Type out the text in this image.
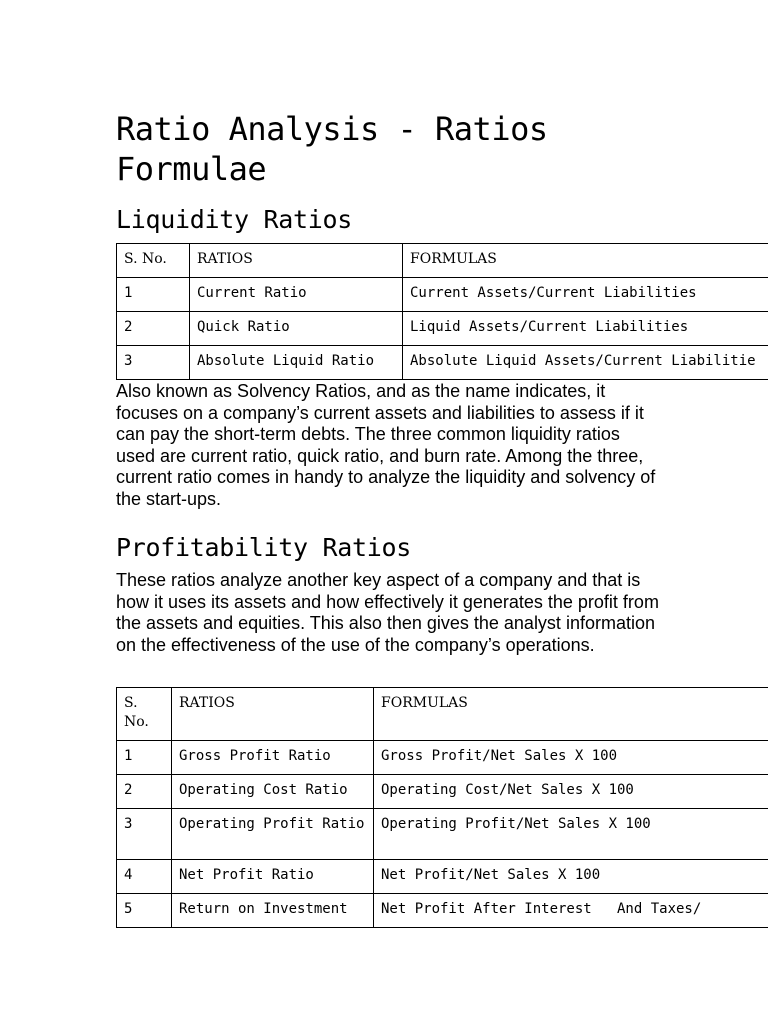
Ratio Analysis - Ratios Formulae
Liquidity Ratios
S. No.	RATIOS	FORMULAS
1	Current Ratio	Current Assets/Current Liabilities
2	Quick Ratio	Liquid Assets/Current Liabilities
3	Absolute Liquid Ratio	Absolute Liquid Assets/Current Liabilitie

Also known as Solvency Ratios, and as the name indicates, it focuses on a company’s current assets and liabilities to assess if it can pay the short-term debts. The three common liquidity ratios used are current ratio, quick ratio, and burn rate. Among the three, current ratio comes in handy to analyze the liquidity and solvency of the start-ups.

Profitability Ratios

These ratios analyze another key aspect of a company and that is how it uses its assets and how effectively it generates the profit from the assets and equities. This also then gives the analyst information on the effectiveness of the use of the company’s operations.

S. No.	RATIOS	FORMULAS
1	Gross Profit Ratio	Gross Profit/Net Sales X 100
2	Operating Cost Ratio	Operating Cost/Net Sales X 100
3	Operating Profit Ratio	Operating Profit/Net Sales X 100
4	Net Profit Ratio	Net Profit/Net Sales X 100
5	Return on Investment	Net Profit After Interest   And Taxes/
